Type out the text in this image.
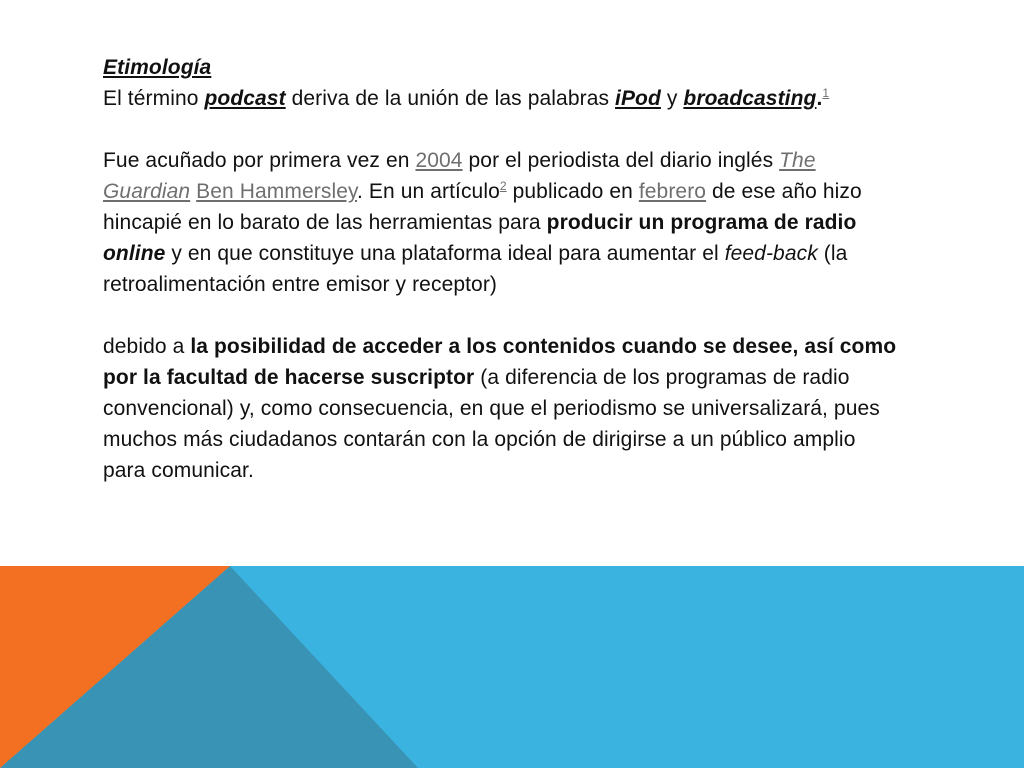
Etimología

El término podcast deriva de la unión de las palabras iPod y broadcasting.$^1$

Fue acuñado por primera vez en 2004 por el periodista del diario inglés The Guardian Ben Hammersley. En un artículo$^2$ publicado en febrero de ese año hizo hincapié en lo barato de las herramientas para producir un programa de radio online y en que constituye una plataforma ideal para aumentar el feed-back (la retroalimentación entre emisor y receptor)

debido a la posibilidad de acceder a los contenidos cuando se desee, así como por la facultad de hacerse suscriptor (a diferencia de los programas de radio convencional) y, como consecuencia, en que el periodismo se universalizará, pues muchos más ciudadanos contarán con la opción de dirigirse a un público amplio para comunicar.
